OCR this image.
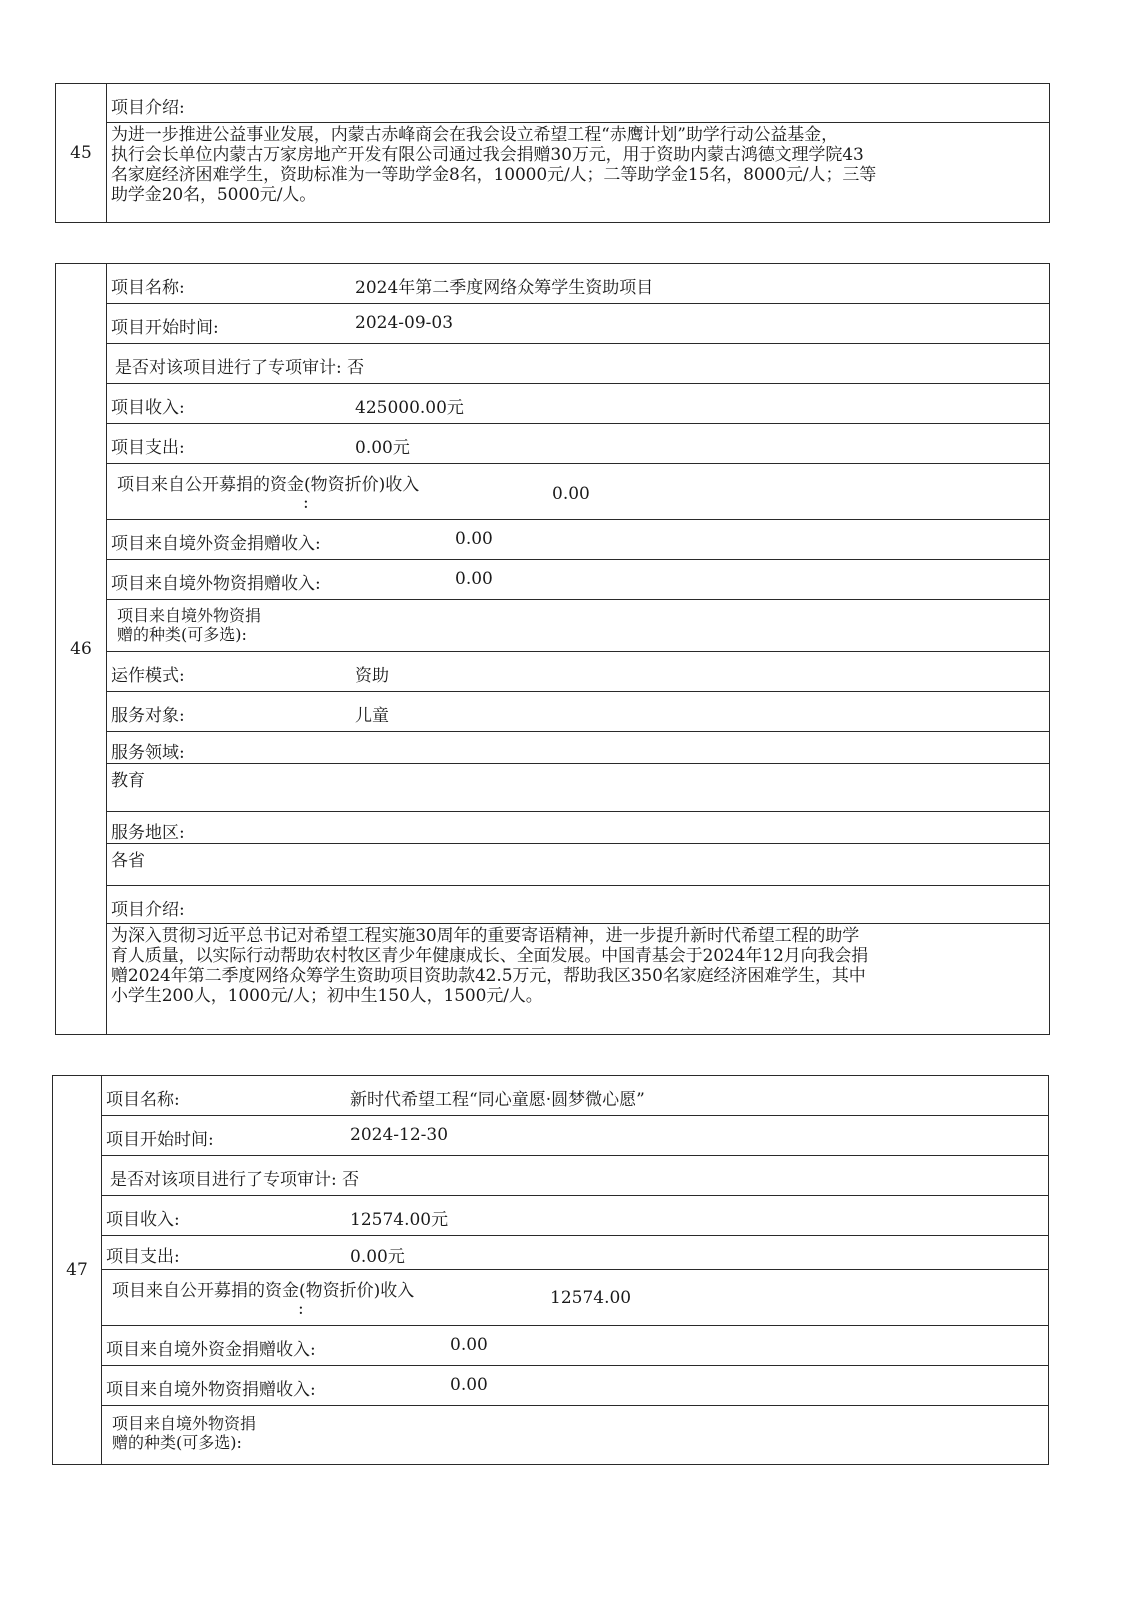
45
项目介绍:
为进一步推进公益事业发展，内蒙古赤峰商会在我会设立希望工程“赤鹰计划”助学行动公益基金，
执行会长单位内蒙古万家房地产开发有限公司通过我会捐赠30万元，用于资助内蒙古鸿德文理学院43
名家庭经济困难学生，资助标准为一等助学金8名，10000元/人；二等助学金15名，8000元/人；三等
助学金20名，5000元/人。
46
项目名称:	2024年第二季度网络众筹学生资助项目
项目开始时间:	2024-09-03
是否对该项目进行了专项审计: 否
项目收入:	425000.00元
项目支出:	0.00元
项目来自公开募捐的资金(物资折价)收入
:	0.00
项目来自境外资金捐赠收入:	0.00
项目来自境外物资捐赠收入:	0.00
项目来自境外物资捐
赠的种类(可多选):
运作模式:	资助
服务对象:	儿童
服务领域:
教育
服务地区:
各省
项目介绍:
为深入贯彻习近平总书记对希望工程实施30周年的重要寄语精神，进一步提升新时代希望工程的助学
育人质量，以实际行动帮助农村牧区青少年健康成长、全面发展。中国青基会于2024年12月向我会捐
赠2024年第二季度网络众筹学生资助项目资助款42.5万元，帮助我区350名家庭经济困难学生，其中
小学生200人，1000元/人；初中生150人，1500元/人。
47
项目名称:	新时代希望工程“同心童愿·圆梦微心愿”
项目开始时间:	2024-12-30
是否对该项目进行了专项审计: 否
项目收入:	12574.00元
项目支出:	0.00元
项目来自公开募捐的资金(物资折价)收入
:
12574.00
项目来自境外资金捐赠收入:	0.00
项目来自境外物资捐赠收入:	0.00
项目来自境外物资捐
赠的种类(可多选):
